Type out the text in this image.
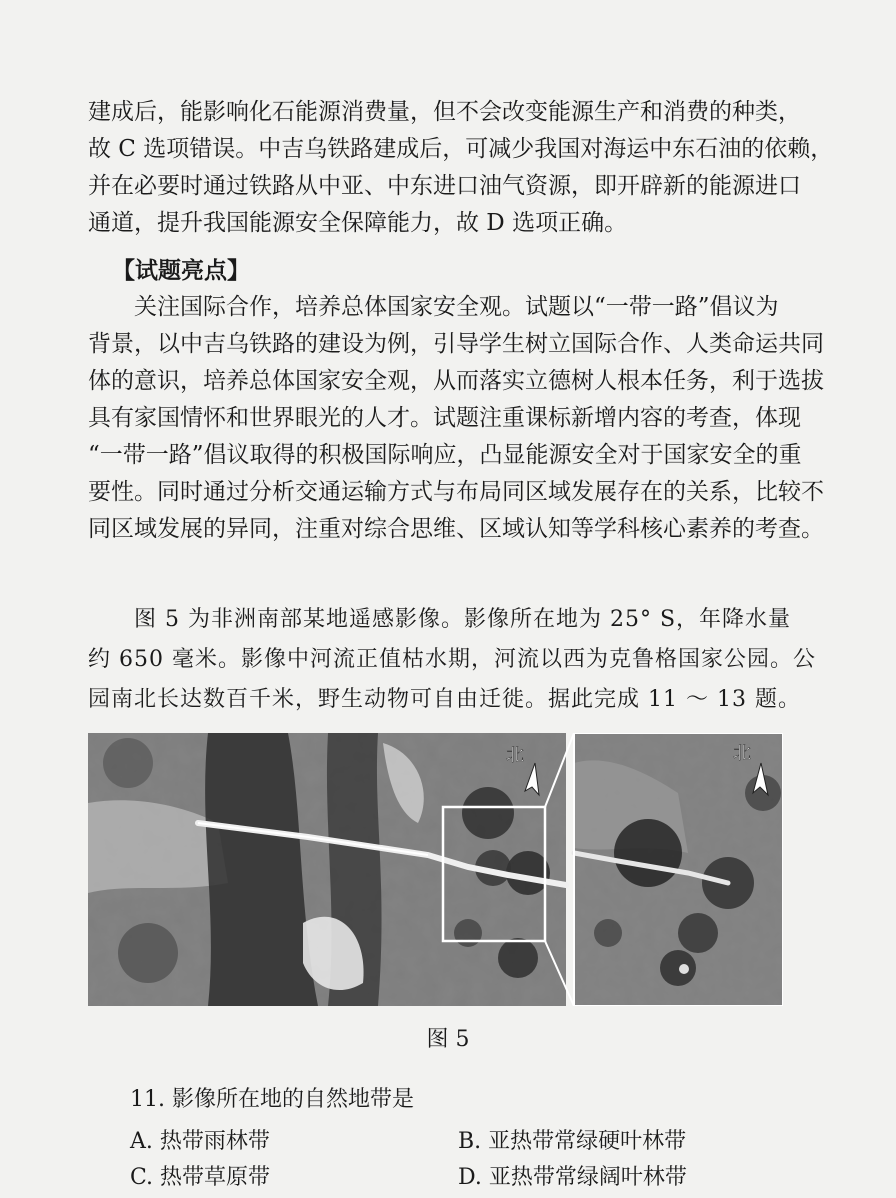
建成后，能影响化石能源消费量，但不会改变能源生产和消费的种类，
故 C 选项错误。中吉乌铁路建成后，可减少我国对海运中东石油的依赖，
并在必要时通过铁路从中亚、中东进口油气资源，即开辟新的能源进口
通道，提升我国能源安全保障能力，故 D 选项正确。
【试题亮点】
关注国际合作，培养总体国家安全观。试题以“一带一路”倡议为
背景，以中吉乌铁路的建设为例，引导学生树立国际合作、人类命运共同
体的意识，培养总体国家安全观，从而落实立德树人根本任务，利于选拔
具有家国情怀和世界眼光的人才。试题注重课标新增内容的考查，体现
“一带一路”倡议取得的积极国际响应，凸显能源安全对于国家安全的重
要性。同时通过分析交通运输方式与布局同区域发展存在的关系，比较不
同区域发展的异同，注重对综合思维、区域认知等学科核心素养的考查。
图 5 为非洲南部某地遥感影像。影像所在地为 25° S，年降水量
约 650 毫米。影像中河流正值枯水期，河流以西为克鲁格国家公园。公
园南北长达数百千米，野生动物可自由迁徙。据此完成 11 ～ 13 题。
北	北
图 5
11. 影像所在地的自然地带是
A. 热带雨林带	B. 亚热带常绿硬叶林带
C. 热带草原带	D. 亚热带常绿阔叶林带
